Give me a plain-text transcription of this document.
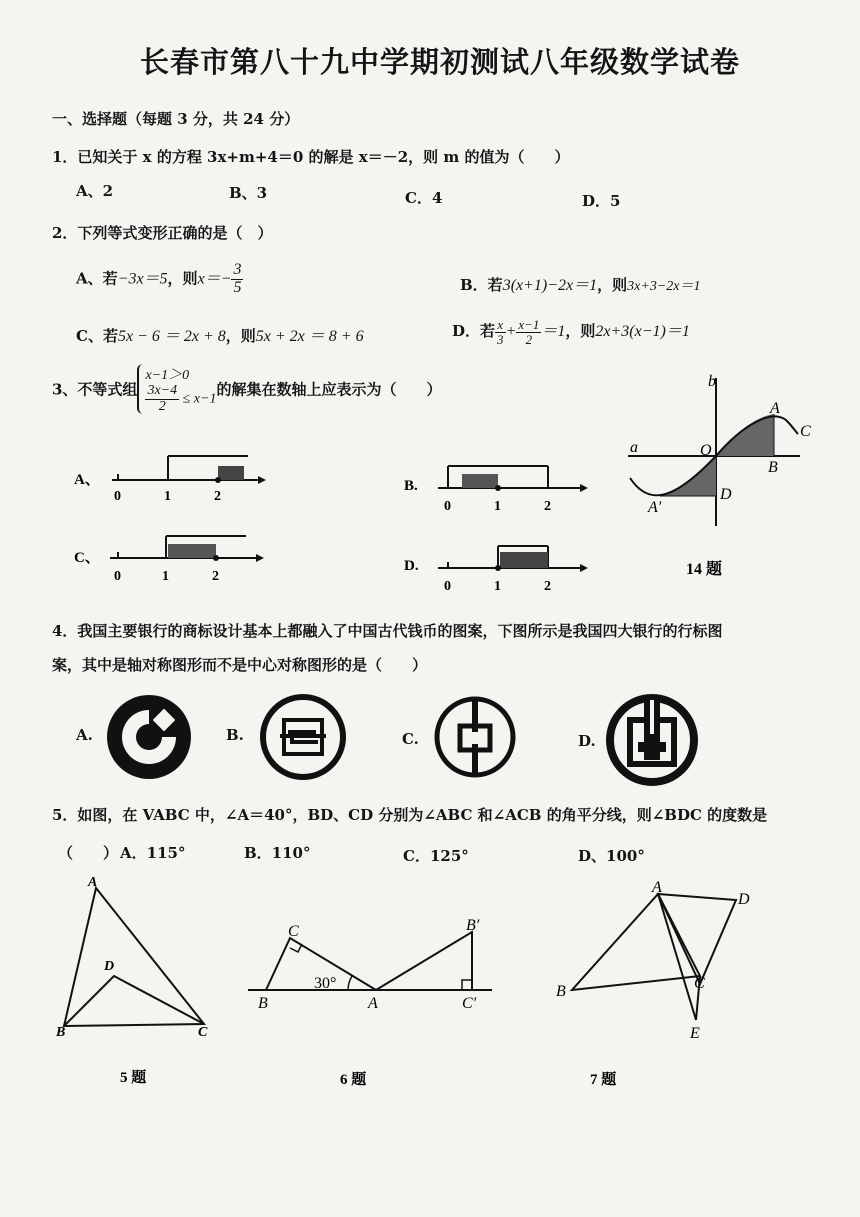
长春市第八十九中学期初测试八年级数学试卷
一、选择题（每题 3 分，共 24 分）
1．已知关于 x 的方程 3x+m+4＝0 的解是 x＝－2，则 m 的值为（　　）
A、2	B、3	C．4	D．5
2．下列等式变形正确的是（　）
A、若−3x＝5，则$x=- \frac{3}{5}$	B．若3(x+1)−2x＝1，则3x+3−2x＝1
C、若5x − 6 ＝ 2x + 8，则5x + 2x ＝ 8 + 6	D．若 $\frac{x}{3} + \frac{x-1}{2} =1$，则2x+3(x−1)＝1
3、不等式组
x−1＞0
$\frac{3x-4}{2} \le x-1$的解集在数轴上应表示为（　　）
A、
0	1	2
B.
0	1	2
C、
0	1	2
D.
0	1	2
b
A
C
a	O
B
D
A′
14 题
4．我国主要银行的商标设计基本上都融入了中国古代钱币的图案，下图所示是我国四大银行的行标图
案，其中是轴对称图形而不是中心对称图形的是（　　）
A.	B.	C.	D.
5．如图，在 VABC 中，∠A＝40°，BD、CD 分别为∠ABC 和∠ACB 的角平分线，则∠BDC 的度数是
（　　） A．115°	B．110°	C．125°	D、100°
A
D
B	C
5 题
C	B′
30°
B	A	C′
6 题
A
D
B	C
E
7 题
